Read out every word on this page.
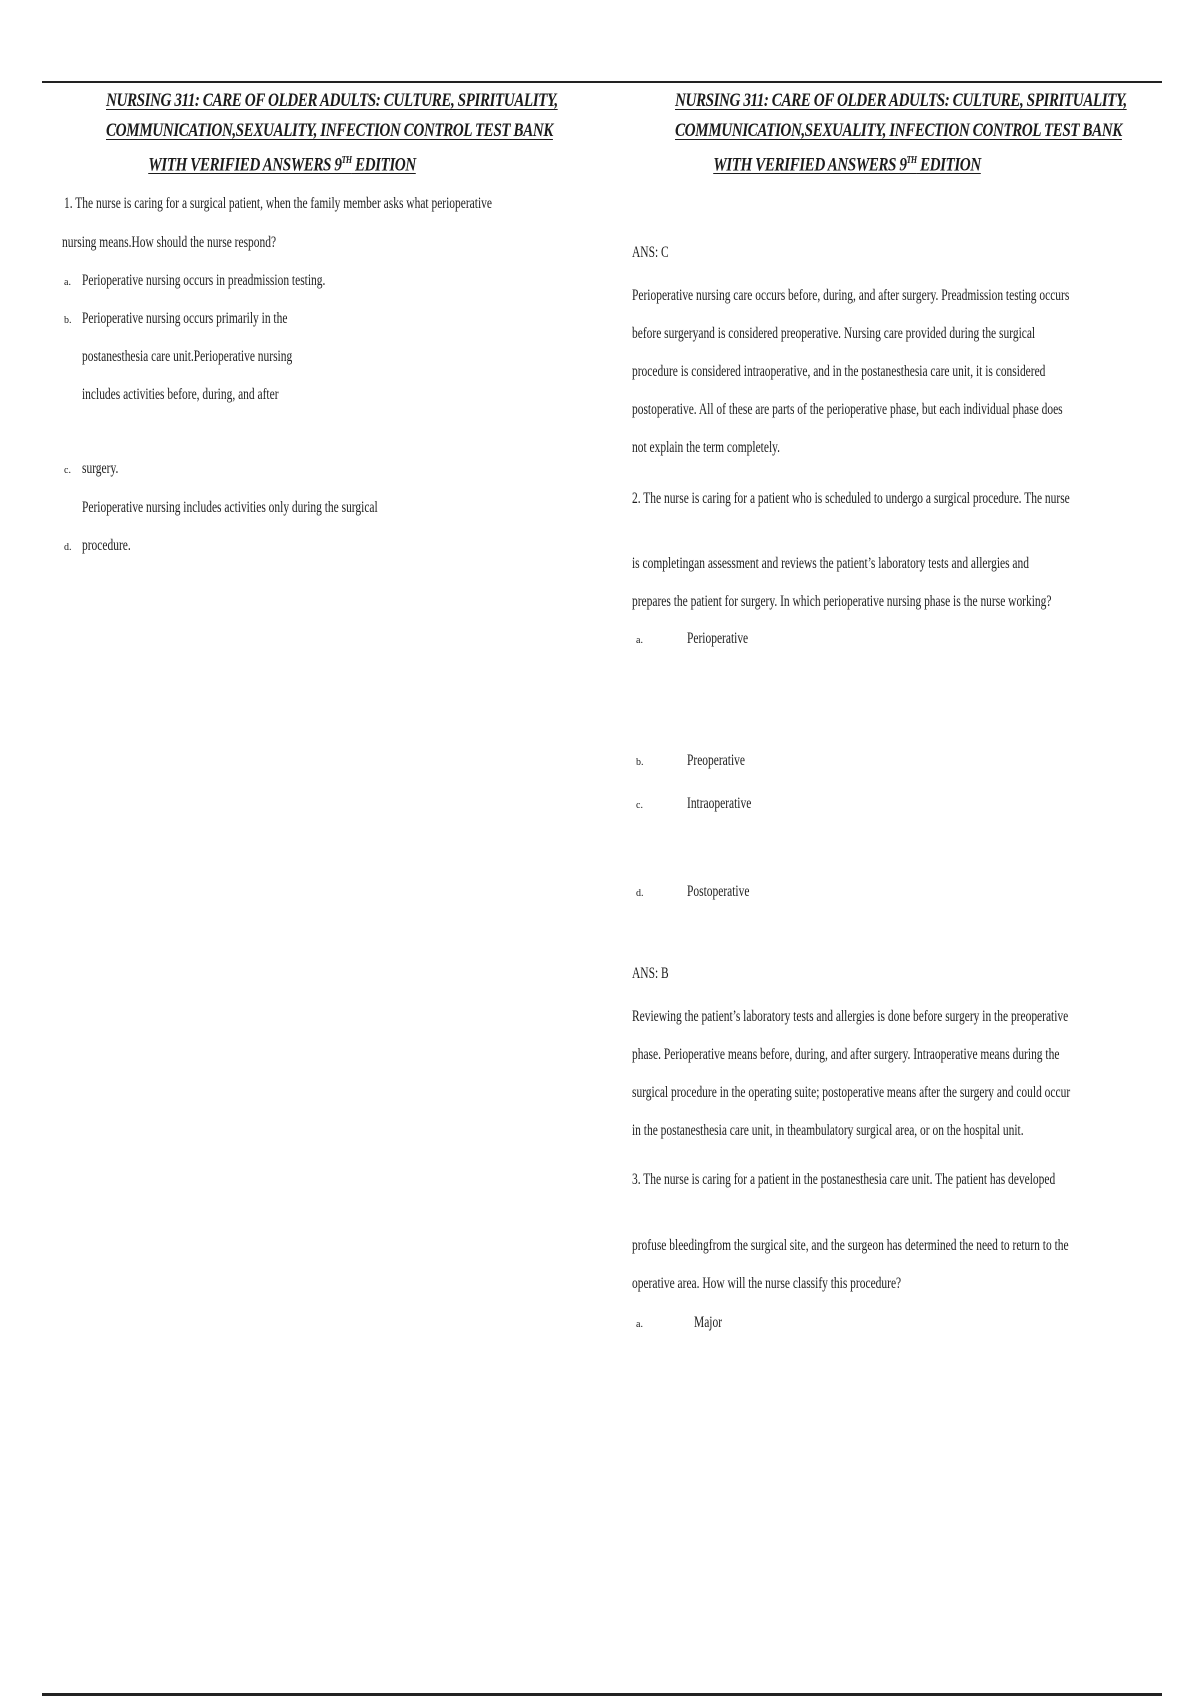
NURSING 311: CARE OF OLDER ADULTS: CULTURE, SPIRITUALITY,

COMMUNICATION,SEXUALITY, INFECTION CONTROL TEST BANK

WITH VERIFIED ANSWERS 9TH EDITION

1. The nurse is caring for a surgical patient, when the family member asks what perioperative

nursing means.How should the nurse respond?

a. Perioperative nursing occurs in preadmission testing.

b. Perioperative nursing occurs primarily in the

postanesthesia care unit.Perioperative nursing

includes activities before, during, and after

c. surgery.

Perioperative nursing includes activities only during the surgical

d. procedure.

NURSING 311: CARE OF OLDER ADULTS: CULTURE, SPIRITUALITY,

COMMUNICATION,SEXUALITY, INFECTION CONTROL TEST BANK

WITH VERIFIED ANSWERS 9TH EDITION

ANS: C

Perioperative nursing care occurs before, during, and after surgery. Preadmission testing occurs

before surgeryand is considered preoperative. Nursing care provided during the surgical

procedure is considered intraoperative, and in the postanesthesia care unit, it is considered

postoperative. All of these are parts of the perioperative phase, but each individual phase does

not explain the term completely.

2. The nurse is caring for a patient who is scheduled to undergo a surgical procedure. The nurse

is completingan assessment and reviews the patient’s laboratory tests and allergies and

prepares the patient for surgery. In which perioperative nursing phase is the nurse working?

a.	Perioperative

b.	Preoperative

c.	Intraoperative

d.	Postoperative

ANS: B

Reviewing the patient’s laboratory tests and allergies is done before surgery in the preoperative

phase. Perioperative means before, during, and after surgery. Intraoperative means during the

surgical procedure in the operating suite; postoperative means after the surgery and could occur

in the postanesthesia care unit, in theambulatory surgical area, or on the hospital unit.

3. The nurse is caring for a patient in the postanesthesia care unit. The patient has developed

profuse bleedingfrom the surgical site, and the surgeon has determined the need to return to the

operative area. How will the nurse classify this procedure?

a.	Major
